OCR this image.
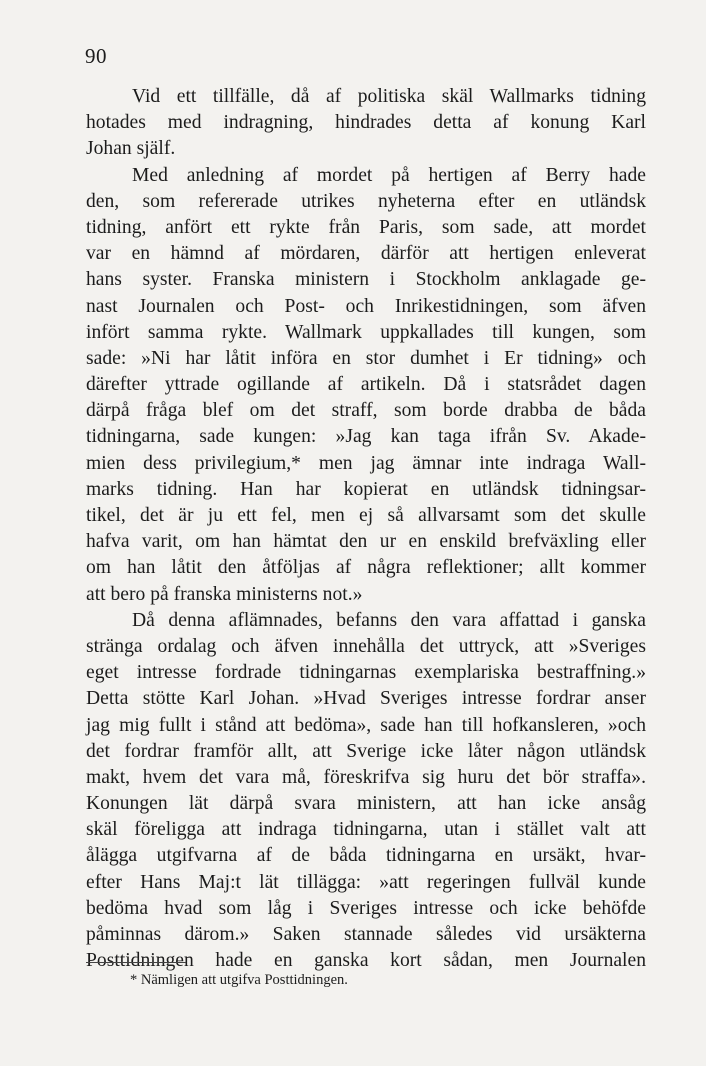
90
Vid ett tillfälle, då af politiska skäl Wallmarks tidning
hotades med indragning, hindrades detta af konung Karl
Johan själf.
Med anledning af mordet på hertigen af Berry hade
den, som refererade utrikes nyheterna efter en utländsk
tidning, anfört ett rykte från Paris, som sade, att mordet
var en hämnd af mördaren, därför att hertigen enleverat
hans syster. Franska ministern i Stockholm anklagade ge-
nast Journalen och Post- och Inrikestidningen, som äfven
infört samma rykte. Wallmark uppkallades till kungen, som
sade: »Ni har låtit införa en stor dumhet i Er tidning» och
därefter yttrade ogillande af artikeln. Då i statsrådet dagen
därpå fråga blef om det straff, som borde drabba de båda
tidningarna, sade kungen: »Jag kan taga ifrån Sv. Akade-
mien dess privilegium,* men jag ämnar inte indraga Wall-
marks tidning. Han har kopierat en utländsk tidningsar-
tikel, det är ju ett fel, men ej så allvarsamt som det skulle
hafva varit, om han hämtat den ur en enskild brefväxling eller
om han låtit den åtföljas af några reflektioner; allt kommer
att bero på franska ministerns not.»
Då denna aflämnades, befanns den vara affattad i ganska
stränga ordalag och äfven innehålla det uttryck, att »Sveriges
eget intresse fordrade tidningarnas exemplariska bestraffning.»
Detta stötte Karl Johan. »Hvad Sveriges intresse fordrar anser
jag mig fullt i stånd att bedöma», sade han till hofkansleren, »och
det fordrar framför allt, att Sverige icke låter någon utländsk
makt, hvem det vara må, föreskrifva sig huru det bör straffa».
Konungen lät därpå svara ministern, att han icke ansåg
skäl föreligga att indraga tidningarna, utan i stället valt att
ålägga utgifvarna af de båda tidningarna en ursäkt, hvar-
efter Hans Maj:t lät tillägga: »att regeringen fullväl kunde
bedöma hvad som låg i Sveriges intresse och icke behöfde
påminnas därom.» Saken stannade således vid ursäkterna
Posttidningen hade en ganska kort sådan, men Journalen
* Nämligen att utgifva Posttidningen.
